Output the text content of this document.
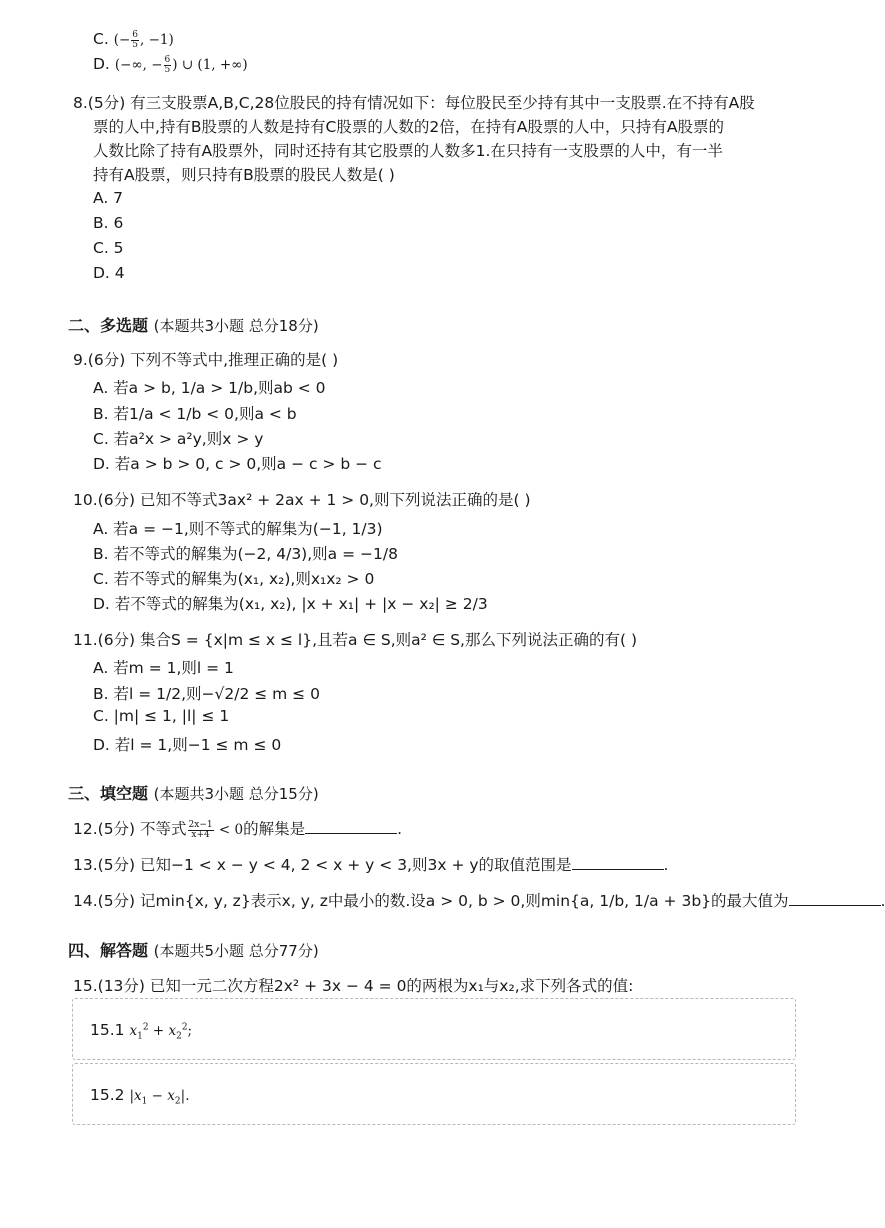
C. (− $\frac{6}{5}$ , −1)
D. (−∞, − $\frac{6}{5}$ ) ∪ (1, +∞)
8.(5分) 有三支股票A,B,C,28位股民的持有情况如下：每位股民至少持有其中一支股票.在不持有A股
票的人中,持有B股票的人数是持有C股票的人数的2倍，在持有A股票的人中，只持有A股票的
人数比除了持有A股票外，同时还持有其它股票的人数多1.在只持有一支股票的人中，有一半
持有A股票，则只持有B股票的股民人数是( )
A. 7
B. 6
C. 5
D. 4
二、多选题 (本题共3小题 总分18分)
9.(6分) 下列不等式中,推理正确的是( )
A. 若a > b, 1/a > 1/b,则ab < 0
B. 若1/a < 1/b < 0,则a < b
C. 若a²x > a²y,则x > y
D. 若a > b > 0, c > 0,则a − c > b − c
10.(6分) 已知不等式3ax² + 2ax + 1 > 0,则下列说法正确的是( )
A. 若a = −1,则不等式的解集为(−1, 1/3)
B. 若不等式的解集为(−2, 4/3),则a = −1/8
C. 若不等式的解集为(x₁, x₂),则x₁x₂ > 0
D. 若不等式的解集为(x₁, x₂), |x + x₁| + |x − x₂| ≥ 2/3
11.(6分) 集合S = {x|m ≤ x ≤ l},且若a ∈ S,则a² ∈ S,那么下列说法正确的有( )
A. 若m = 1,则l = 1
B. 若l = 1/2,则−√2/2 ≤ m ≤ 0
C. |m| ≤ 1, |l| ≤ 1
D. 若l = 1,则−1 ≤ m ≤ 0
三、填空题 (本题共3小题 总分15分)
12.(5分) 不等式 $\frac{2x-1}{x+4} < 0$的解集是	.
13.(5分) 已知−1 < x − y < 4, 2 < x + y < 3,则3x + y的取值范围是	.
14.(5分) 记min{x, y, z}表示x, y, z中最小的数.设a > 0, b > 0,则min{a, 1/b, 1/a + 3b}的最大值为	.
四、解答题 (本题共5小题 总分77分)
15.(13分) 已知一元二次方程2x² + 3x − 4 = 0的两根为x₁与x₂,求下列各式的值:
15.1 $x_1^2 + x_2^2$;
15.2 $|x_1 - x_2|$.
